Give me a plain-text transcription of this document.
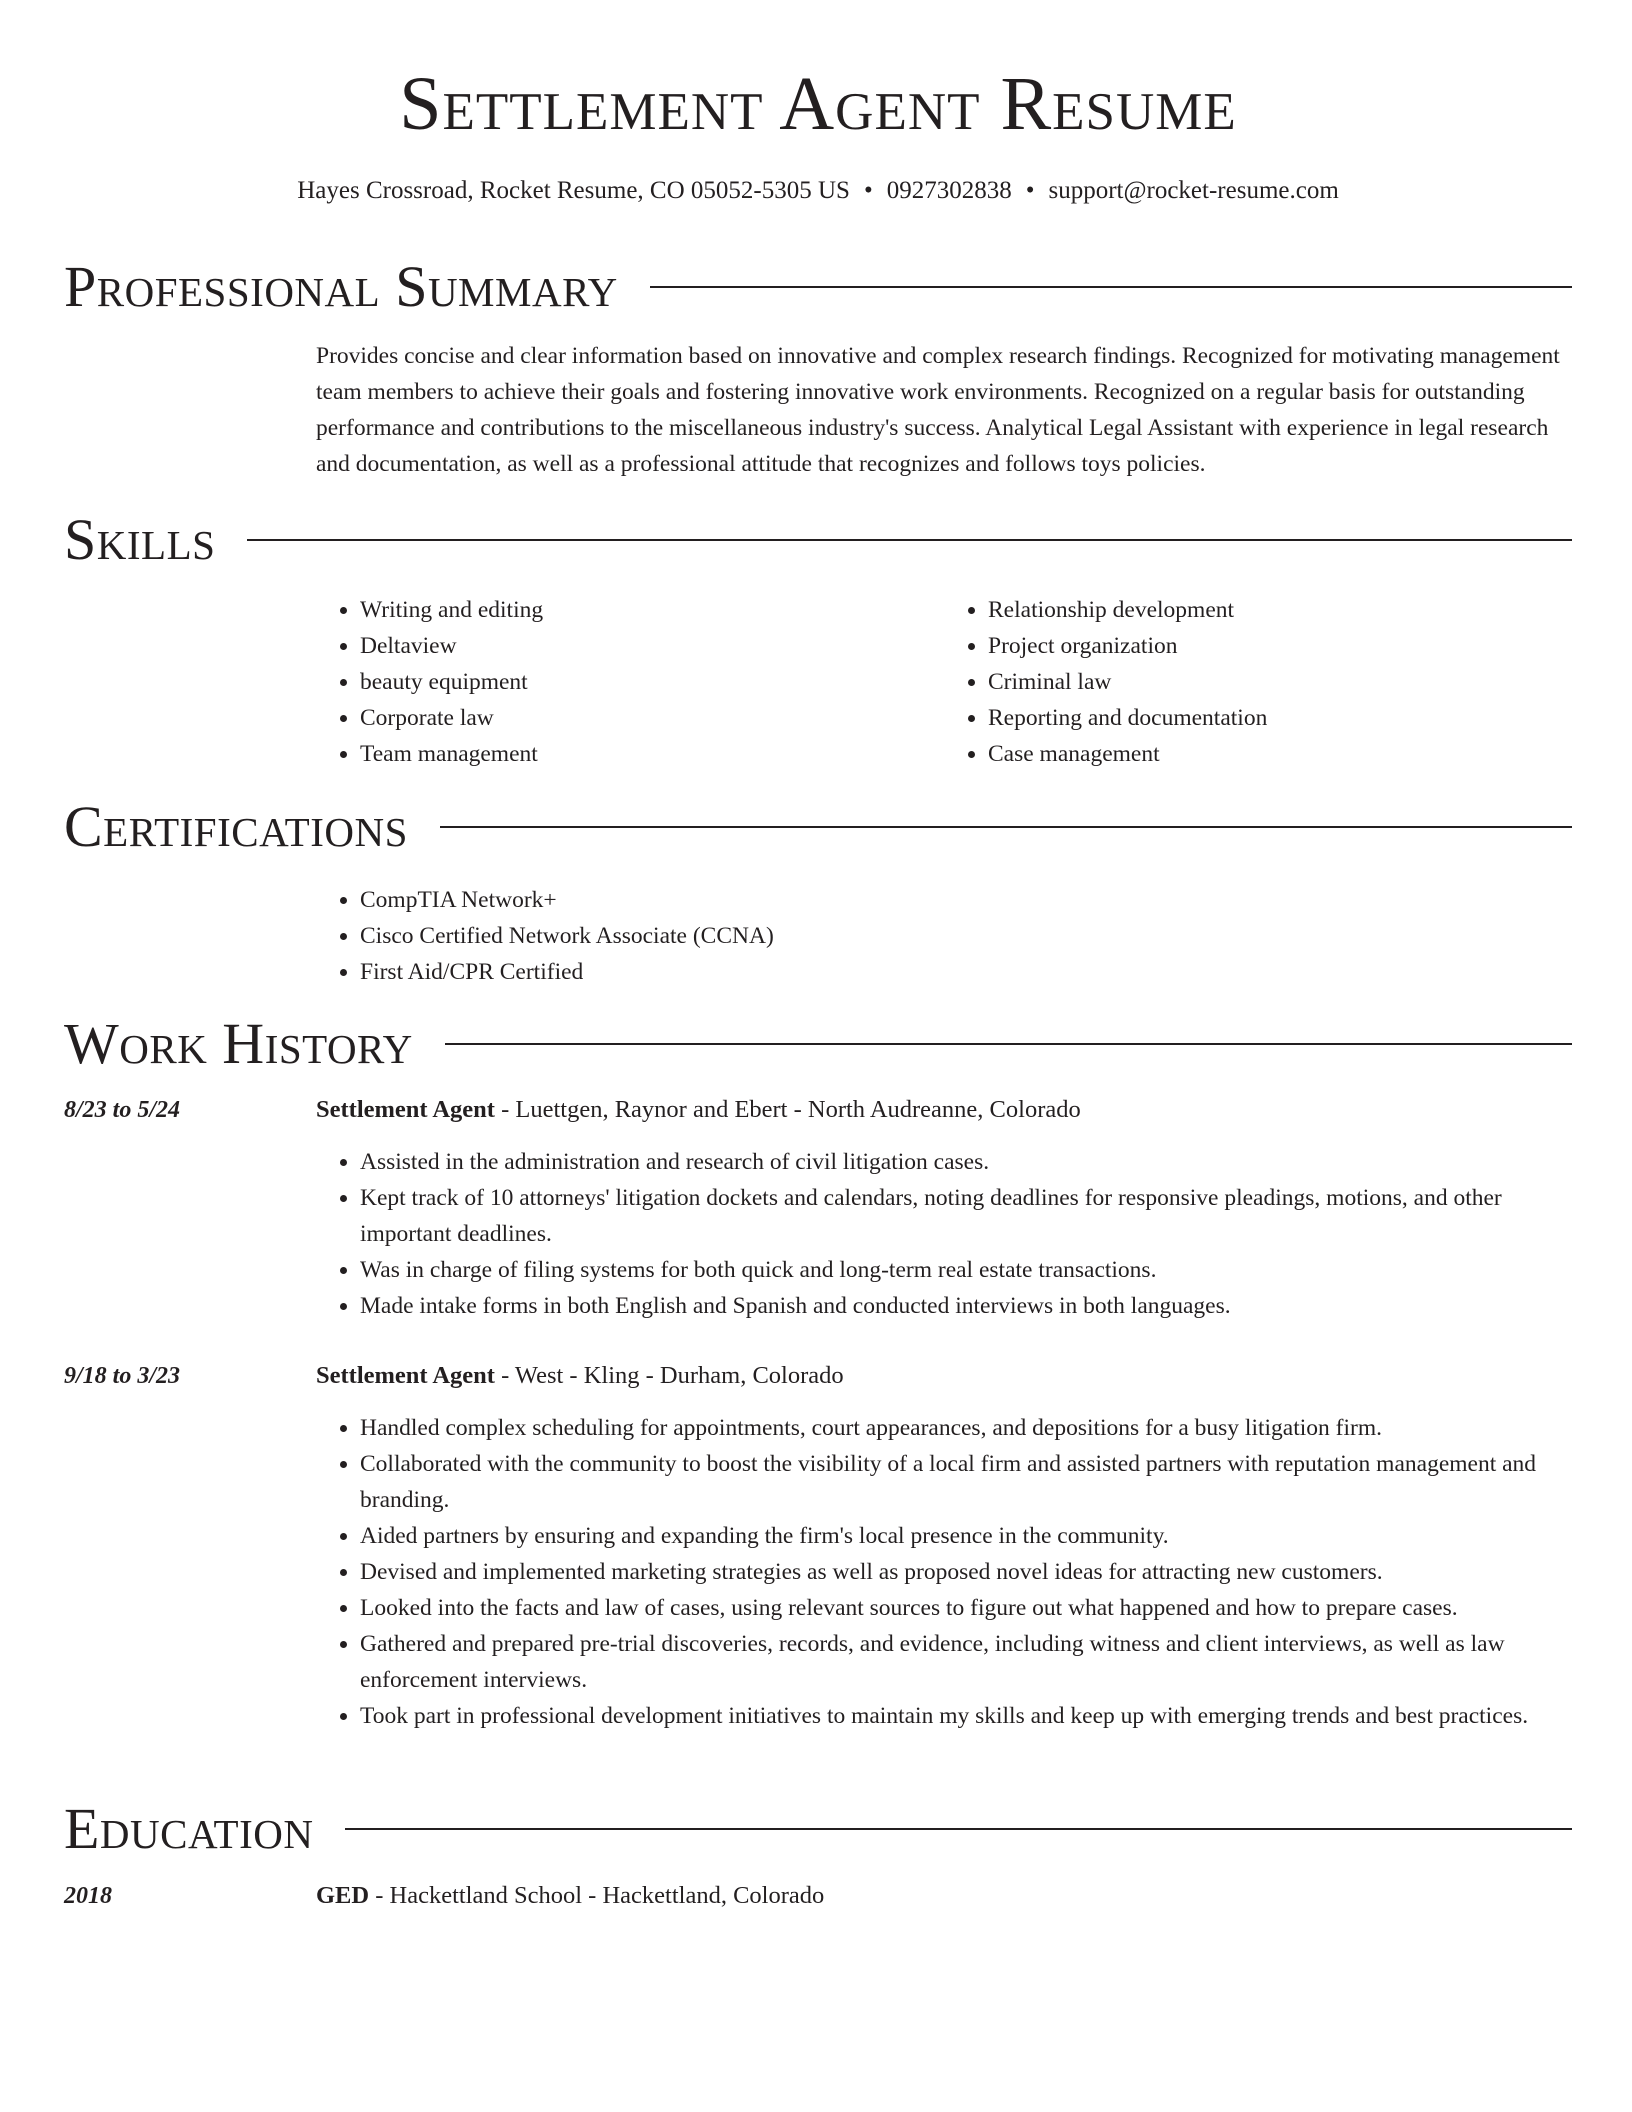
Settlement Agent Resume
Hayes Crossroad, Rocket Resume, CO 05052-5305 US • 0927302838 • support@rocket-resume.com
Professional Summary
Provides concise and clear information based on innovative and complex research findings. Recognized for motivating management team members to achieve their goals and fostering innovative work environments. Recognized on a regular basis for outstanding performance and contributions to the miscellaneous industry's success. Analytical Legal Assistant with experience in legal research and documentation, as well as a professional attitude that recognizes and follows toys policies.
Skills
• Writing and editing
• Deltaview
• beauty equipment
• Corporate law
• Team management
• Relationship development
• Project organization
• Criminal law
• Reporting and documentation
• Case management
Certifications
• CompTIA Network+
• Cisco Certified Network Associate (CCNA)
• First Aid/CPR Certified
Work History
8/23 to 5/24	Settlement Agent - Luettgen, Raynor and Ebert - North Audreanne, Colorado
• Assisted in the administration and research of civil litigation cases.
• Kept track of 10 attorneys' litigation dockets and calendars, noting deadlines for responsive pleadings, motions, and other important deadlines.
• Was in charge of filing systems for both quick and long-term real estate transactions.
• Made intake forms in both English and Spanish and conducted interviews in both languages.
9/18 to 3/23	Settlement Agent - West - Kling - Durham, Colorado
• Handled complex scheduling for appointments, court appearances, and depositions for a busy litigation firm.
• Collaborated with the community to boost the visibility of a local firm and assisted partners with reputation management and branding.
• Aided partners by ensuring and expanding the firm's local presence in the community.
• Devised and implemented marketing strategies as well as proposed novel ideas for attracting new customers.
• Looked into the facts and law of cases, using relevant sources to figure out what happened and how to prepare cases.
• Gathered and prepared pre-trial discoveries, records, and evidence, including witness and client interviews, as well as law enforcement interviews.
• Took part in professional development initiatives to maintain my skills and keep up with emerging trends and best practices.
Education
2018	GED - Hackettland School - Hackettland, Colorado
